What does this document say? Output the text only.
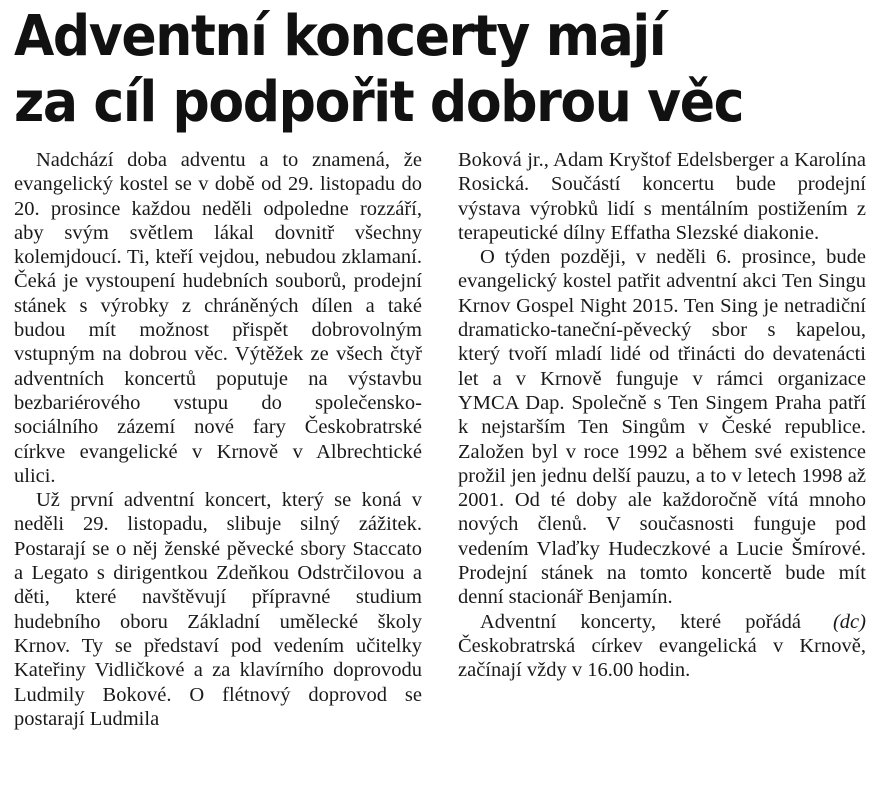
Adventní koncerty mají
za cíl podpořit dobrou věc

Nadchází doba adventu a to znamená, že evangelický kostel se v době od 29. listopadu do 20. prosince každou neděli odpoledne rozzáří, aby svým světlem lákal dovnitř všechny kolemjdoucí. Ti, kteří vejdou, nebudou zklamaní. Čeká je vystoupení hudebních souborů, prodejní stánek s výrobky z chráněných dílen a také budou mít možnost přispět dobrovolným vstupným na dobrou věc. Výtěžek ze všech čtyř adventních koncertů poputuje na výstavbu bezbariérového vstupu do společensko-sociálního zázemí nové fary Českobratrské církve evangelické v Krnově v Albrechtické ulici.

Už první adventní koncert, který se koná v neděli 29. listopadu, slibuje silný zážitek. Postarají se o něj ženské pěvecké sbory Staccato a Legato s dirigentkou Zdeňkou Odstrčilovou a děti, které navštěvují přípravné studium hudebního oboru Základní umělecké školy Krnov. Ty se představí pod vedením učitelky Kateřiny Vidličkové a za klavírního doprovodu Ludmily Bokové. O flétnový doprovod se postarají Ludmila

Boková jr., Adam Kryštof Edelsberger a Karolína Rosická. Součástí koncertu bude prodejní výstava výrobků lidí s mentálním postižením z terapeutické dílny Effatha Slezské diakonie.

O týden později, v neděli 6. prosince, bude evangelický kostel patřit adventní akci Ten Singu Krnov Gospel Night 2015. Ten Sing je netradiční dramaticko-taneční-pěvecký sbor s kapelou, který tvoří mladí lidé od třinácti do devatenácti let a v Krnově funguje v rámci organizace YMCA Dap. Společně s Ten Singem Praha patří k nejstarším Ten Singům v České republice. Založen byl v roce 1992 a během své existence prožil jen jednu delší pauzu, a to v letech 1998 až 2001. Od té doby ale každoročně vítá mnoho nových členů. V současnosti funguje pod vedením Vlaďky Hudeczkové a Lucie Šmírové. Prodejní stánek na tomto koncertě bude mít denní stacionář Benjamín.

(dc)
Adventní koncerty, které pořádá Českobratrská církev evangelická v Krnově, začínají vždy v 16.00 hodin.
